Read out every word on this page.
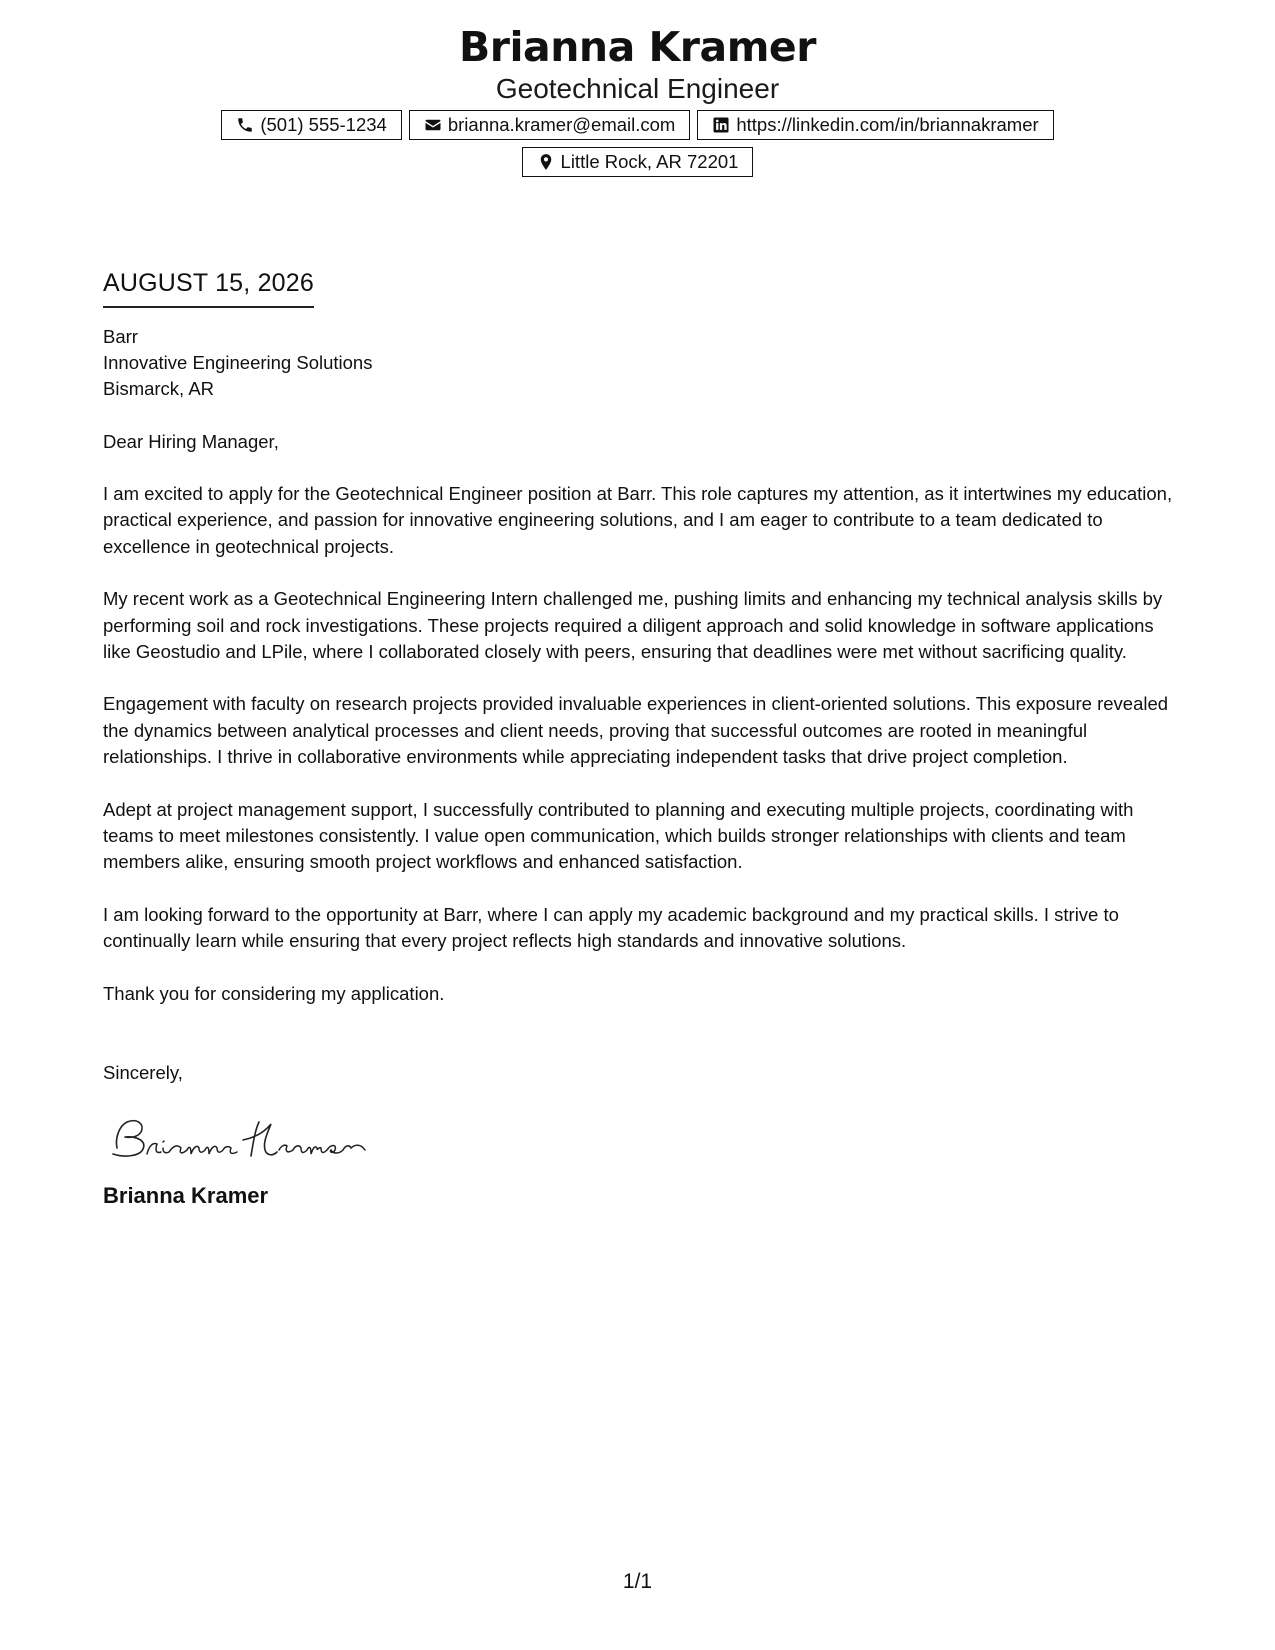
Brianna Kramer
Geotechnical Engineer
(501) 555-1234	brianna.kramer@email.com	https://linkedin.com/in/briannakramer
Little Rock, AR 72201
AUGUST 15, 2026
Barr
Innovative Engineering Solutions
Bismarck, AR
Dear Hiring Manager,
I am excited to apply for the Geotechnical Engineer position at Barr. This role captures my attention, as it intertwines my education, practical experience, and passion for innovative engineering solutions, and I am eager to contribute to a team dedicated to excellence in geotechnical projects.
My recent work as a Geotechnical Engineering Intern challenged me, pushing limits and enhancing my technical analysis skills by performing soil and rock investigations. These projects required a diligent approach and solid knowledge in software applications like Geostudio and LPile, where I collaborated closely with peers, ensuring that deadlines were met without sacrificing quality.
Engagement with faculty on research projects provided invaluable experiences in client-oriented solutions. This exposure revealed the dynamics between analytical processes and client needs, proving that successful outcomes are rooted in meaningful relationships. I thrive in collaborative environments while appreciating independent tasks that drive project completion.
Adept at project management support, I successfully contributed to planning and executing multiple projects, coordinating with teams to meet milestones consistently. I value open communication, which builds stronger relationships with clients and team members alike, ensuring smooth project workflows and enhanced satisfaction.
I am looking forward to the opportunity at Barr, where I can apply my academic background and my practical skills. I strive to continually learn while ensuring that every project reflects high standards and innovative solutions.
Thank you for considering my application.
Sincerely,
Brianna Kramer
1/1
